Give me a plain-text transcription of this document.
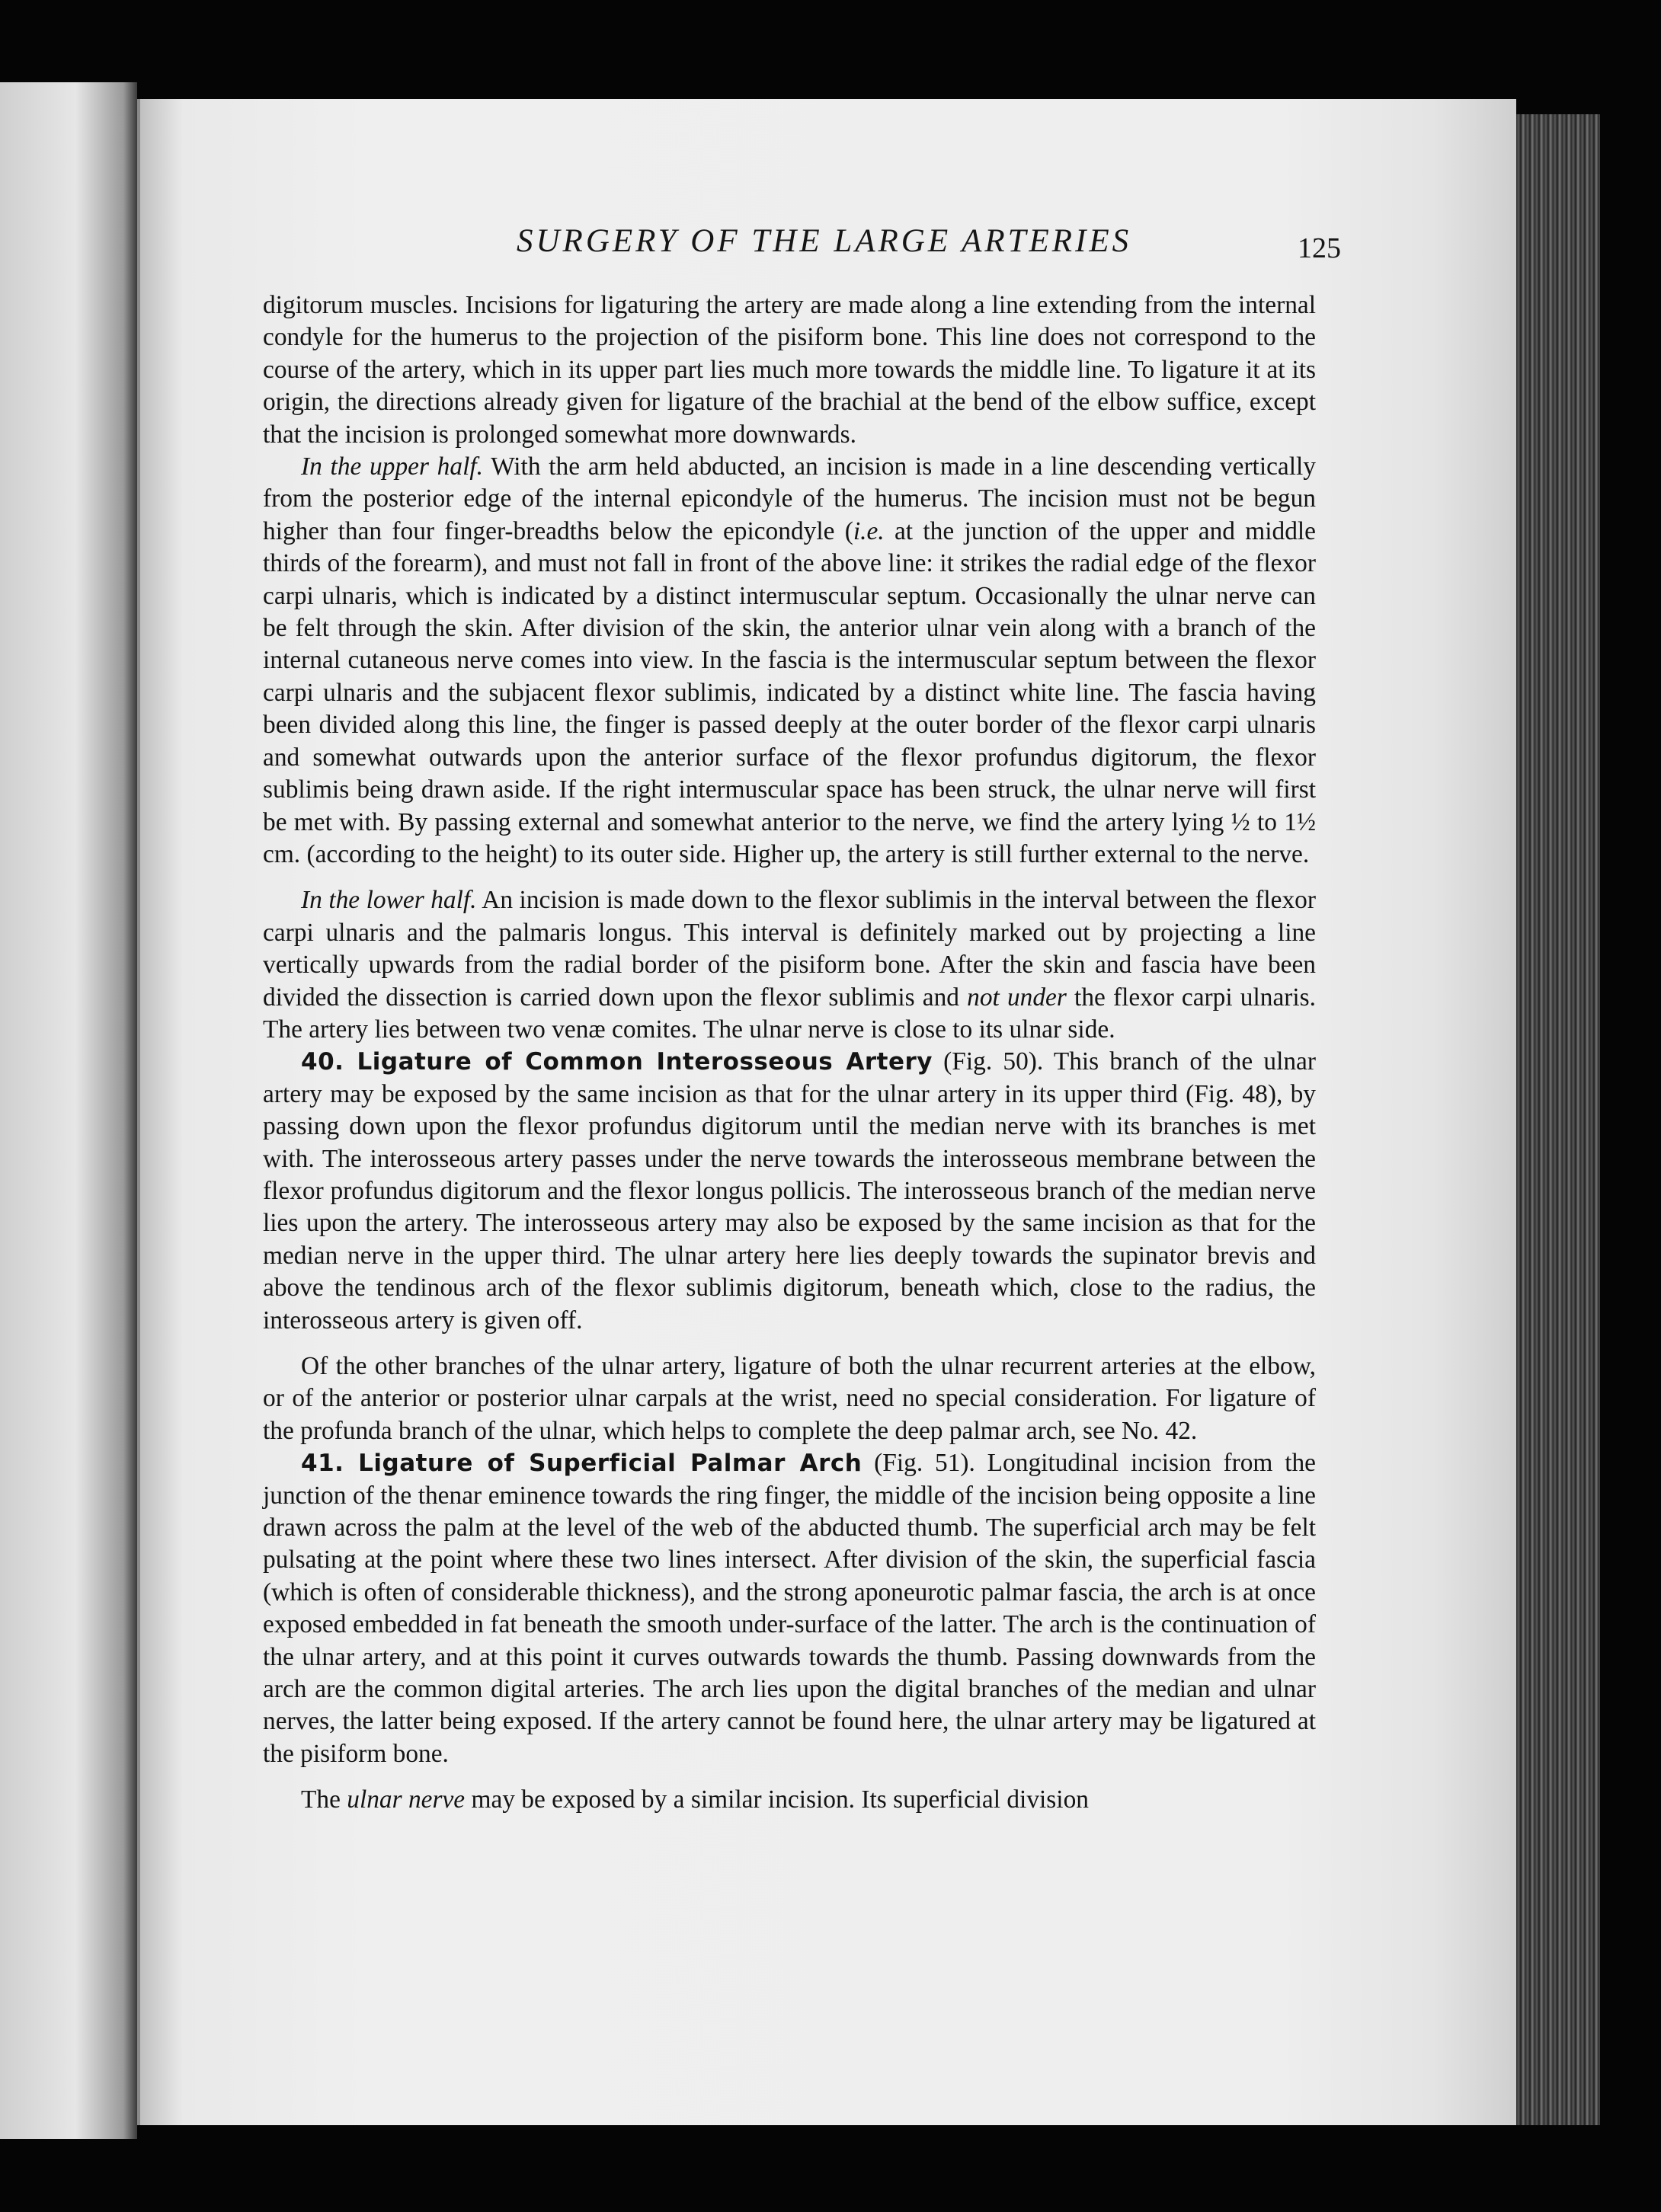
SURGERY OF THE LARGE ARTERIES	125

digitorum muscles. Incisions for ligaturing the artery are made along a line extending from the internal condyle for the humerus to the projection of the pisiform bone. This line does not correspond to the course of the artery, which in its upper part lies much more towards the middle line. To ligature it at its origin, the directions already given for ligature of the brachial at the bend of the elbow suffice, except that the incision is prolonged somewhat more downwards.

In the upper half. With the arm held abducted, an incision is made in a line descending vertically from the posterior edge of the internal epicondyle of the humerus. The incision must not be begun higher than four finger-breadths below the epicondyle (i.e. at the junction of the upper and middle thirds of the forearm), and must not fall in front of the above line: it strikes the radial edge of the flexor carpi ulnaris, which is indicated by a distinct intermuscular septum. Occasionally the ulnar nerve can be felt through the skin. After division of the skin, the anterior ulnar vein along with a branch of the internal cutaneous nerve comes into view. In the fascia is the intermuscular septum between the flexor carpi ulnaris and the subjacent flexor sublimis, indicated by a distinct white line. The fascia having been divided along this line, the finger is passed deeply at the outer border of the flexor carpi ulnaris and somewhat outwards upon the anterior surface of the flexor profundus digitorum, the flexor sublimis being drawn aside. If the right intermuscular space has been struck, the ulnar nerve will first be met with. By passing external and somewhat anterior to the nerve, we find the artery lying ½ to 1½ cm. (according to the height) to its outer side. Higher up, the artery is still further external to the nerve.

In the lower half. An incision is made down to the flexor sublimis in the interval between the flexor carpi ulnaris and the palmaris longus. This interval is definitely marked out by projecting a line vertically upwards from the radial border of the pisiform bone. After the skin and fascia have been divided the dissection is carried down upon the flexor sublimis and not under the flexor carpi ulnaris. The artery lies between two venæ comites. The ulnar nerve is close to its ulnar side.

40. Ligature of Common Interosseous Artery (Fig. 50). This branch of the ulnar artery may be exposed by the same incision as that for the ulnar artery in its upper third (Fig. 48), by passing down upon the flexor profundus digitorum until the median nerve with its branches is met with. The interosseous artery passes under the nerve towards the interosseous membrane between the flexor profundus digitorum and the flexor longus pollicis. The interosseous branch of the median nerve lies upon the artery. The interosseous artery may also be exposed by the same incision as that for the median nerve in the upper third. The ulnar artery here lies deeply towards the supinator brevis and above the tendinous arch of the flexor sublimis digitorum, beneath which, close to the radius, the interosseous artery is given off.

Of the other branches of the ulnar artery, ligature of both the ulnar recurrent arteries at the elbow, or of the anterior or posterior ulnar carpals at the wrist, need no special consideration. For ligature of the profunda branch of the ulnar, which helps to complete the deep palmar arch, see No. 42.

41. Ligature of Superficial Palmar Arch (Fig. 51). Longitudinal incision from the junction of the thenar eminence towards the ring finger, the middle of the incision being opposite a line drawn across the palm at the level of the web of the abducted thumb. The superficial arch may be felt pulsating at the point where these two lines intersect. After division of the skin, the superficial fascia (which is often of considerable thickness), and the strong aponeurotic palmar fascia, the arch is at once exposed embedded in fat beneath the smooth under-surface of the latter. The arch is the continuation of the ulnar artery, and at this point it curves outwards towards the thumb. Passing downwards from the arch are the common digital arteries. The arch lies upon the digital branches of the median and ulnar nerves, the latter being exposed. If the artery cannot be found here, the ulnar artery may be ligatured at the pisiform bone.

The ulnar nerve may be exposed by a similar incision. Its superficial division
